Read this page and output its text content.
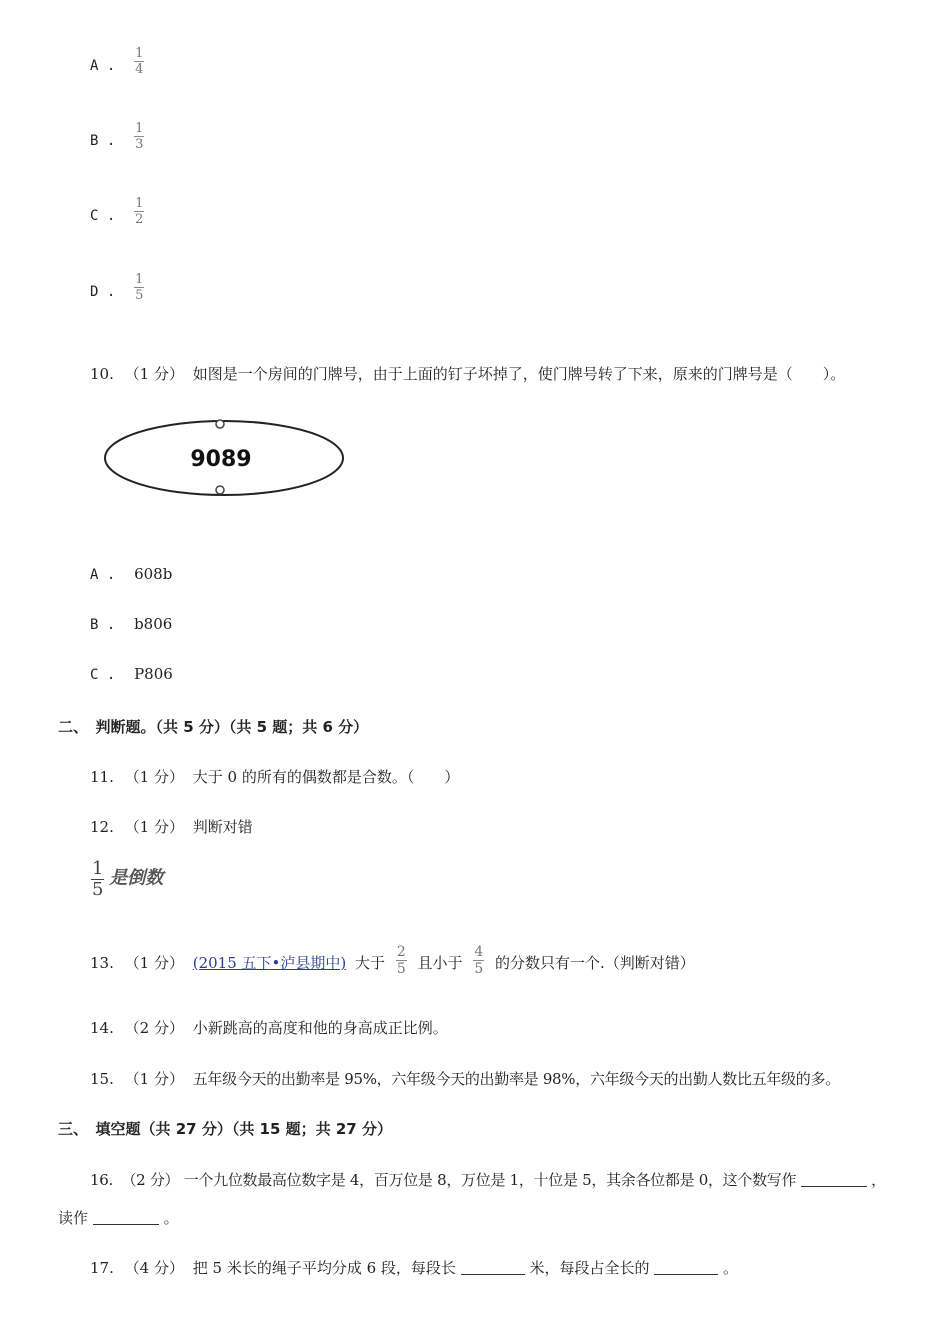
A . $\frac{1}{4}$
B . $\frac{1}{3}$
C . $\frac{1}{2}$
D . $\frac{1}{5}$
10. （1 分） 如图是一个房间的门牌号，由于上面的钉子坏掉了，使门牌号转了下来，原来的门牌号是（　　）。
9089
A . 608b
B . b806
C . P806
二、　判断题。（共 5 分）（共 5 题；共 6 分）
11. （1 分） 大于 0 的所有的偶数都是合数。（　　）
12. （1 分） 判断对错
$\frac{1}{5}$ 是倒数
13. （1 分） (2015 五下•泸县期中) 大于 $\frac{2}{5}$ 且小于 $\frac{4}{5}$ 的分数只有一个.（判断对错）
14. （2 分） 小新跳高的高度和他的身高成正比例。
15. （1 分） 五年级今天的出勤率是 95%，六年级今天的出勤率是 98%，六年级今天的出勤人数比五年级的多。
三、　填空题（共 27 分）（共 15 题；共 27 分）
16. （2 分） 一个九位数最高位数字是 4，百万位是 8，万位是 1，十位是 5，其余各位都是 0，这个数写作	，
读作	。
17. （4 分） 把 5 米长的绳子平均分成 6 段，每段长	米，每段占全长的	。
